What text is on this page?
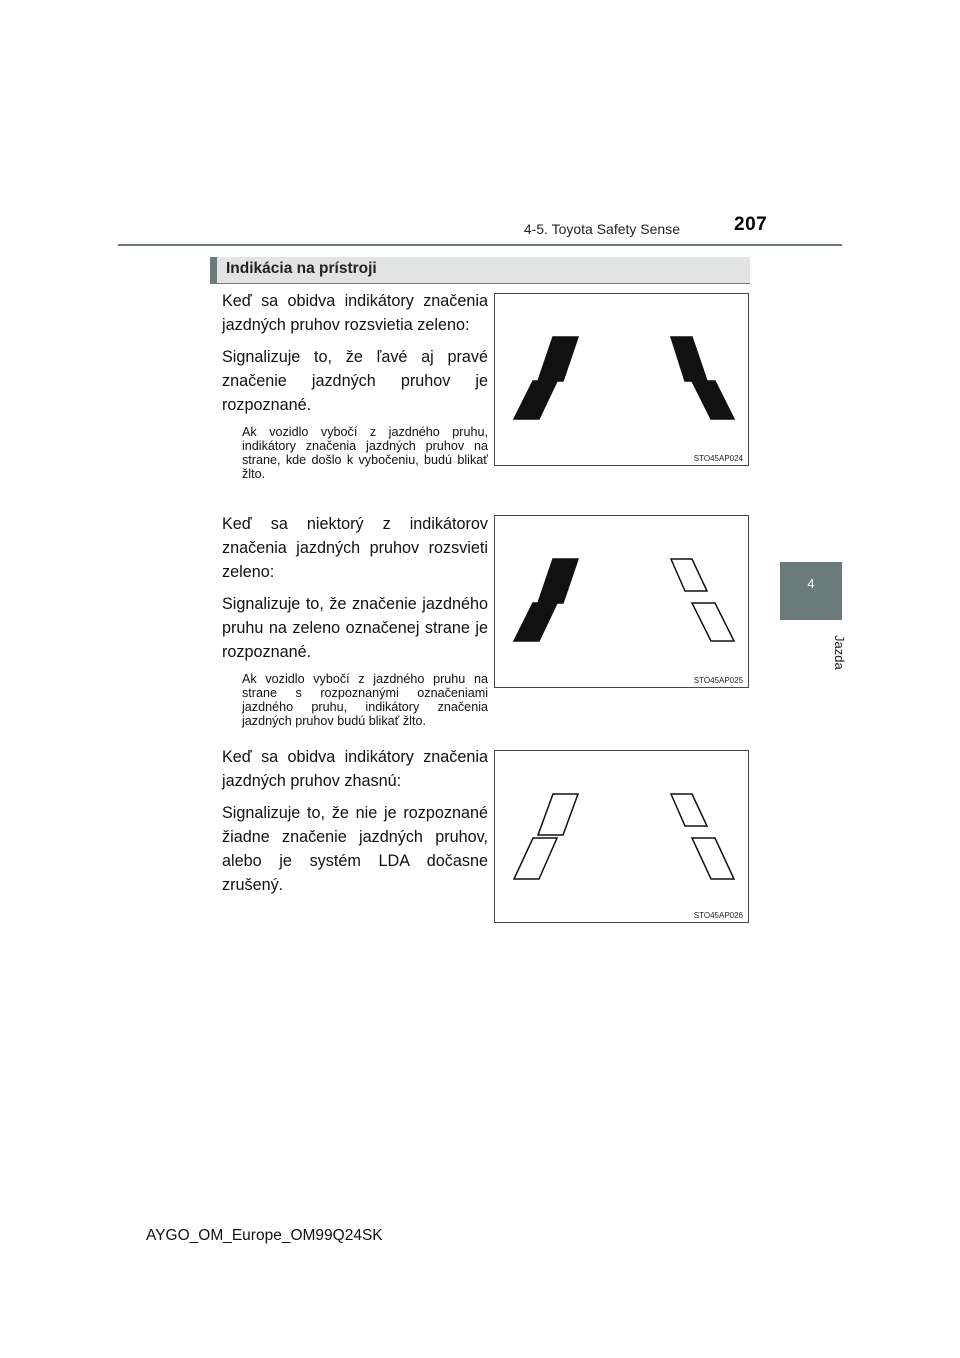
4-5. Toyota Safety Sense	207
4
Jazda
Indikácia na prístroji

Keď sa obidva indikátory značenia jazdných pruhov rozsvietia zeleno:

Signalizuje to, že ľavé aj pravé značenie jazdných pruhov je rozpoznané.

Ak vozidlo vybočí z jazdného pruhu, indikátory značenia jazdných pruhov na strane, kde došlo k vybočeniu, budú blikať žlto.

STO45AP024

Keď sa niektorý z indikátorov značenia jazdných pruhov rozsvieti zeleno:

Signalizuje to, že značenie jazdného pruhu na zeleno označenej strane je rozpoznané.

Ak vozidlo vybočí z jazdného pruhu na strane s rozpoznanými označeniami jazdného pruhu, indikátory značenia jazdných pruhov budú blikať žlto.

STO45AP025

Keď sa obidva indikátory značenia jazdných pruhov zhasnú:

Signalizuje to, že nie je rozpoznané žiadne značenie jazdných pruhov, alebo je systém LDA dočasne zrušený.

STO45AP026
AYGO_OM_Europe_OM99Q24SK
